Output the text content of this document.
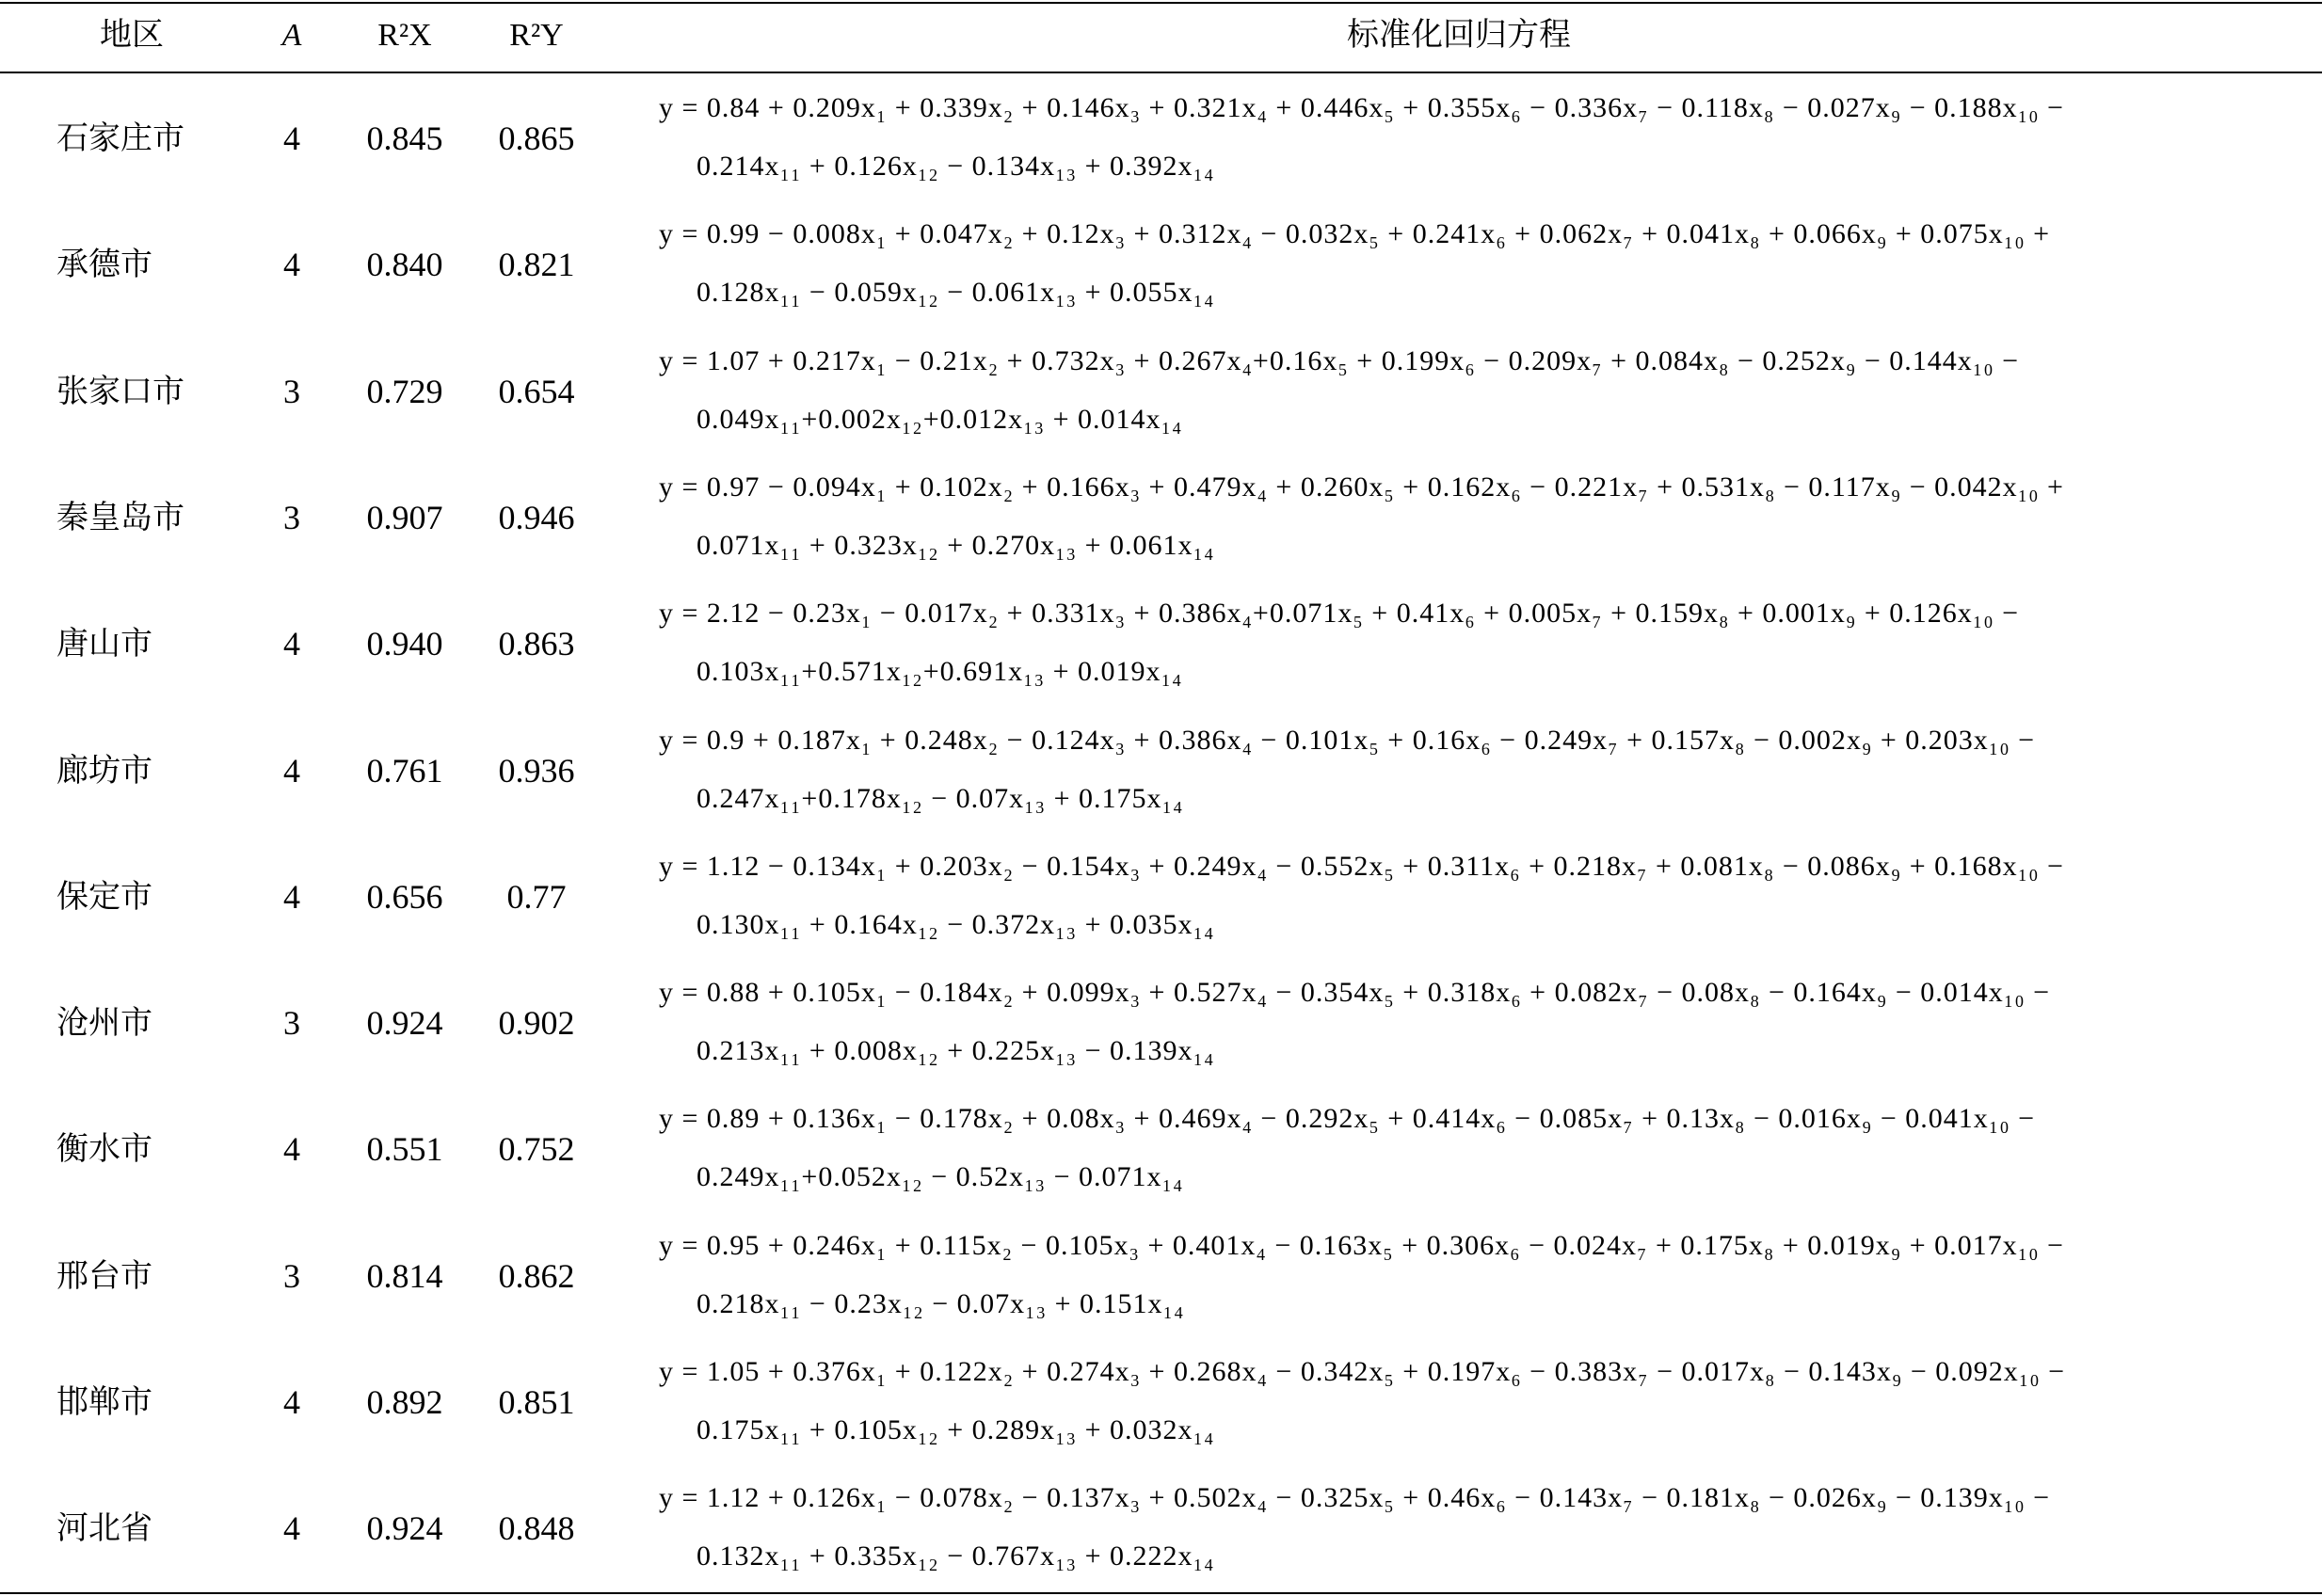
地区	A	R²X	R²Y	标准化回归方程
石家庄市	4	0.845	0.865
y = 0.84 + 0.209x₁ + 0.339x₂ + 0.146x₃ + 0.321x₄ + 0.446x₅ + 0.355x₆ − 0.336x₇ − 0.118x₈ − 0.027x₉ − 0.188x₁₀ −
0.214x₁₁ + 0.126x₁₂ − 0.134x₁₃ + 0.392x₁₄
承德市	4	0.840	0.821
y = 0.99 − 0.008x₁ + 0.047x₂ + 0.12x₃ + 0.312x₄ − 0.032x₅ + 0.241x₆ + 0.062x₇ + 0.041x₈ + 0.066x₉ + 0.075x₁₀ +
0.128x₁₁ − 0.059x₁₂ − 0.061x₁₃ + 0.055x₁₄
张家口市	3	0.729	0.654
y = 1.07 + 0.217x₁ − 0.21x₂ + 0.732x₃ + 0.267x₄+0.16x₅ + 0.199x₆ − 0.209x₇ + 0.084x₈ − 0.252x₉ − 0.144x₁₀ −
0.049x₁₁+0.002x₁₂+0.012x₁₃ + 0.014x₁₄
秦皇岛市	3	0.907	0.946
y = 0.97 − 0.094x₁ + 0.102x₂ + 0.166x₃ + 0.479x₄ + 0.260x₅ + 0.162x₆ − 0.221x₇ + 0.531x₈ − 0.117x₉ − 0.042x₁₀ +
0.071x₁₁ + 0.323x₁₂ + 0.270x₁₃ + 0.061x₁₄
唐山市	4	0.940	0.863
y = 2.12 − 0.23x₁ − 0.017x₂ + 0.331x₃ + 0.386x₄+0.071x₅ + 0.41x₆ + 0.005x₇ + 0.159x₈ + 0.001x₉ + 0.126x₁₀ −
0.103x₁₁+0.571x₁₂+0.691x₁₃ + 0.019x₁₄
廊坊市	4	0.761	0.936
y = 0.9 + 0.187x₁ + 0.248x₂ − 0.124x₃ + 0.386x₄ − 0.101x₅ + 0.16x₆ − 0.249x₇ + 0.157x₈ − 0.002x₉ + 0.203x₁₀ −
0.247x₁₁+0.178x₁₂ − 0.07x₁₃ + 0.175x₁₄
保定市	4	0.656	0.77
y = 1.12 − 0.134x₁ + 0.203x₂ − 0.154x₃ + 0.249x₄ − 0.552x₅ + 0.311x₆ + 0.218x₇ + 0.081x₈ − 0.086x₉ + 0.168x₁₀ −
0.130x₁₁ + 0.164x₁₂ − 0.372x₁₃ + 0.035x₁₄
沧州市	3	0.924	0.902
y = 0.88 + 0.105x₁ − 0.184x₂ + 0.099x₃ + 0.527x₄ − 0.354x₅ + 0.318x₆ + 0.082x₇ − 0.08x₈ − 0.164x₉ − 0.014x₁₀ −
0.213x₁₁ + 0.008x₁₂ + 0.225x₁₃ − 0.139x₁₄
衡水市	4	0.551	0.752
y = 0.89 + 0.136x₁ − 0.178x₂ + 0.08x₃ + 0.469x₄ − 0.292x₅ + 0.414x₆ − 0.085x₇ + 0.13x₈ − 0.016x₉ − 0.041x₁₀ −
0.249x₁₁+0.052x₁₂ − 0.52x₁₃ − 0.071x₁₄
邢台市	3	0.814	0.862
y = 0.95 + 0.246x₁ + 0.115x₂ − 0.105x₃ + 0.401x₄ − 0.163x₅ + 0.306x₆ − 0.024x₇ + 0.175x₈ + 0.019x₉ + 0.017x₁₀ −
0.218x₁₁ − 0.23x₁₂ − 0.07x₁₃ + 0.151x₁₄
邯郸市	4	0.892	0.851
y = 1.05 + 0.376x₁ + 0.122x₂ + 0.274x₃ + 0.268x₄ − 0.342x₅ + 0.197x₆ − 0.383x₇ − 0.017x₈ − 0.143x₉ − 0.092x₁₀ −
0.175x₁₁ + 0.105x₁₂ + 0.289x₁₃ + 0.032x₁₄
河北省	4	0.924	0.848
y = 1.12 + 0.126x₁ − 0.078x₂ − 0.137x₃ + 0.502x₄ − 0.325x₅ + 0.46x₆ − 0.143x₇ − 0.181x₈ − 0.026x₉ − 0.139x₁₀ −
0.132x₁₁ + 0.335x₁₂ − 0.767x₁₃ + 0.222x₁₄
